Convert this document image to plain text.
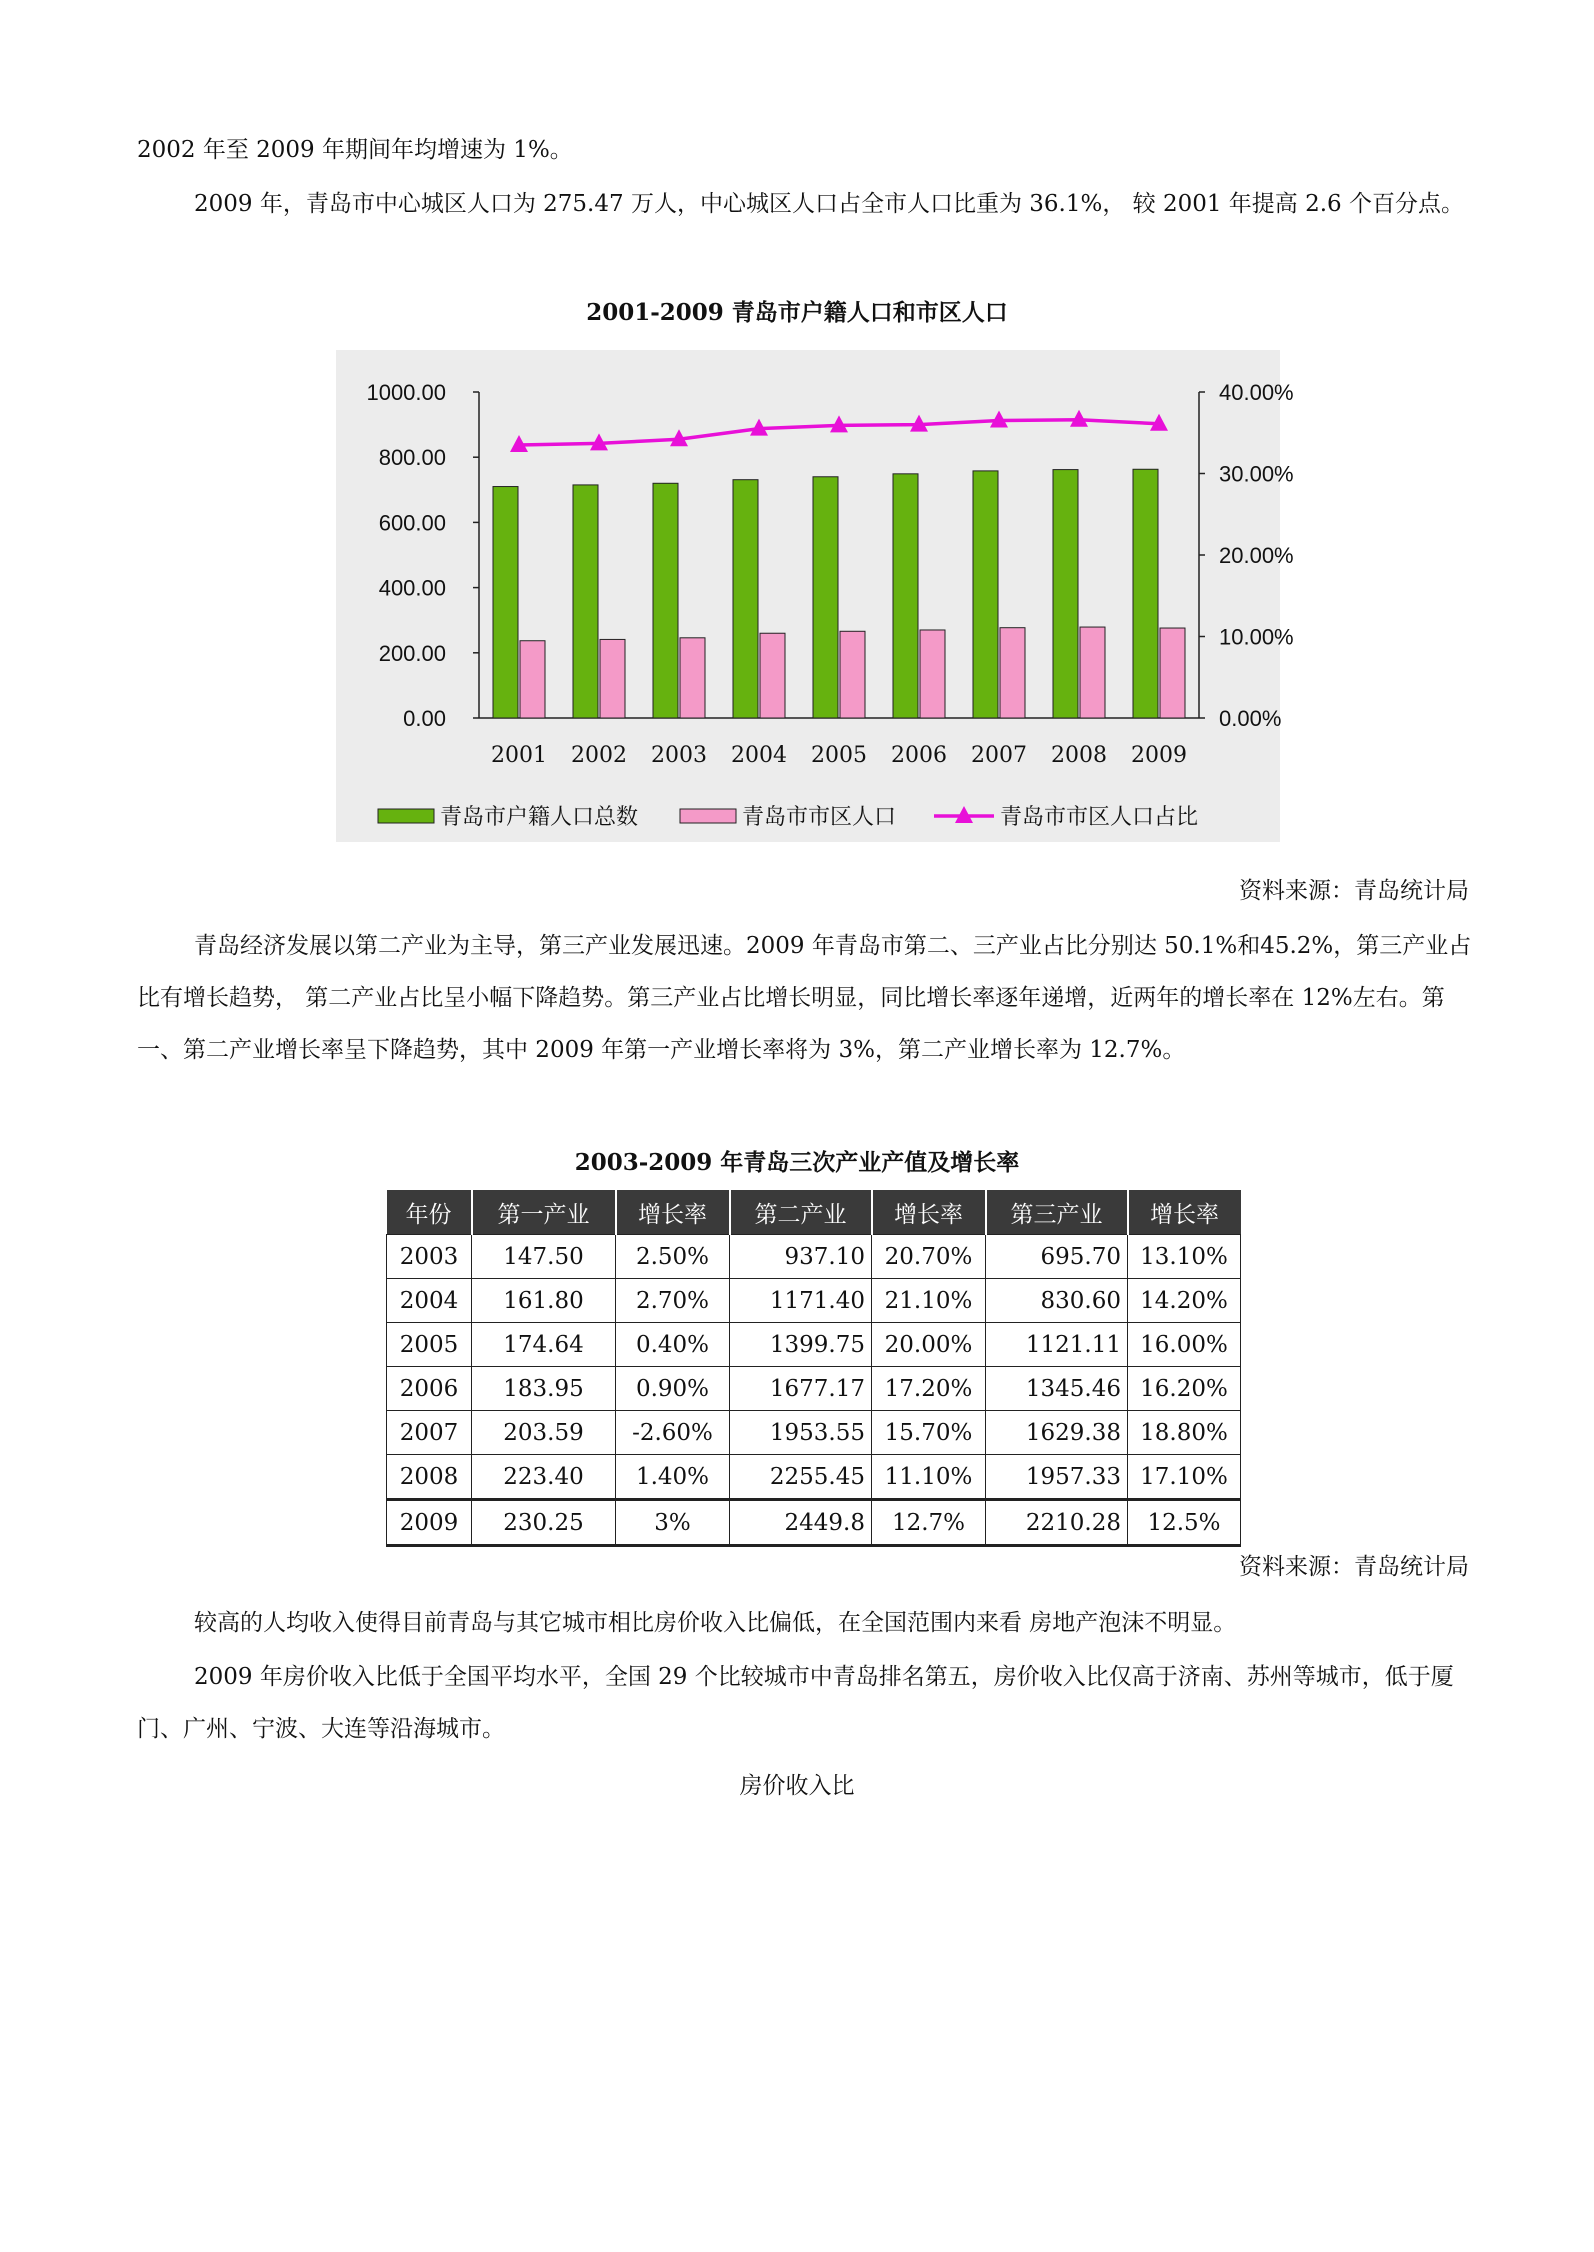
2002 年至 2009 年期间年均增速为 1%。

2009 年，青岛市中心城区人口为 275.47 万人，中心城区人口占全市人口比重为 36.1%， 较 2001 年提高 2.6 个百分点。

2001-2009 青岛市户籍人口和市区人口
0.00
200.00
400.00
600.00
800.00
1000.00
0.00%
10.00%
20.00%
30.00%
40.00%
2001 2002 2003 2004 2005 2006 2007 2008 2009
青岛市户籍人口总数	青岛市市区人口	青岛市市区人口占比
资料来源：青岛统计局

青岛经济发展以第二产业为主导，第三产业发展迅速。2009 年青岛市第二、三产业占比分别达 50.1%和45.2%，第三产业占比有增长趋势， 第二产业占比呈小幅下降趋势。第三产业占比增长明显，同比增长率逐年递增，近两年的增长率在 12%左右。第一、第二产业增长率呈下降趋势，其中 2009 年第一产业增长率将为 3%，第二产业增长率为 12.7%。

2003-2009 年青岛三次产业产值及增长率
年份	第一产业	增长率	第二产业	增长率	第三产业	增长率
2003	147.50	2.50%	937.10	20.70%	695.70	13.10%
2004	161.80	2.70%	1171.40	21.10%	830.60	14.20%
2005	174.64	0.40%	1399.75	20.00%	1121.11	16.00%
2006	183.95	0.90%	1677.17	17.20%	1345.46	16.20%
2007	203.59	-2.60%	1953.55	15.70%	1629.38	18.80%
2008	223.40	1.40%	2255.45	11.10%	1957.33	17.10%
2009	230.25	3%	2449.8	12.7%	2210.28	12.5%
资料来源：青岛统计局

较高的人均收入使得目前青岛与其它城市相比房价收入比偏低，在全国范围内来看 房地产泡沫不明显。

2009 年房价收入比低于全国平均水平，全国 29 个比较城市中青岛排名第五，房价收入比仅高于济南、苏州等城市，低于厦门、广州、宁波、大连等沿海城市。

房价收入比
